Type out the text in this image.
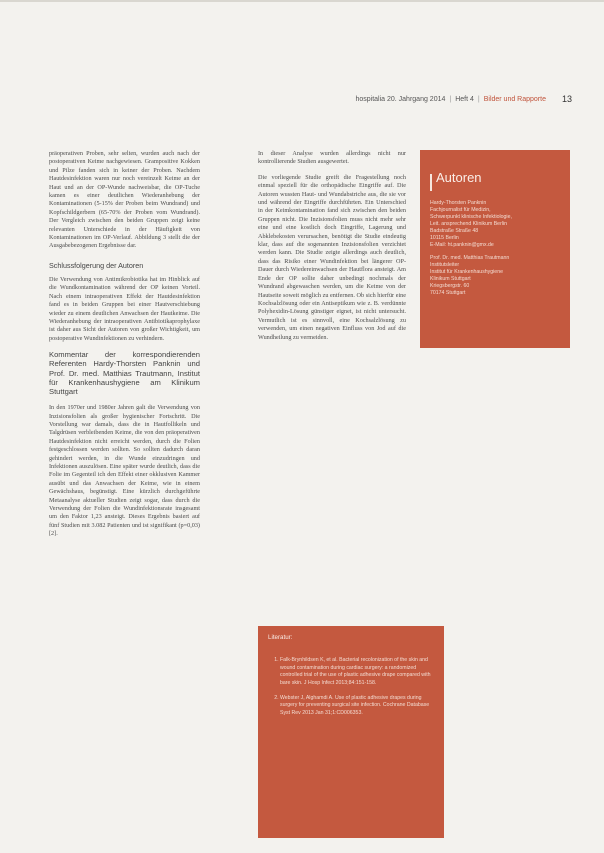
hospitalia 20. Jahrgang 2014 | Heft 4 | Bilder und Rapporte 13

präoperativen Proben, sehr selten, wurden auch nach der postoperativen Keime nachgewiesen. Grampositive Kokken und Pilze fanden sich in keiner der Proben. Nachdem Hautdesinfektion waren nur noch vereinzelt Keime an der Haut und an der OP-Wunde nachweisbar, die OP-Tuche kamen es einer deutlichen Wiederanhebung der Kontaminationen (5-15% der Proben beim Wundrand) und Kopfschildgerbern (65-70% der Proben vom Wundrand). Der Vergleich zwischen den beiden Gruppen zeigt keine relevanten Unterschiede in der Häufigkeit von Kontaminationen im OP-Verlauf. Abbildung 3 stellt die der Ausgabebezogenen Ergebnisse dar.

Schlussfolgerung der Autoren

Die Verwendung von Antimikrobiotika hat im Hinblick auf die Wundkontamination während der OP keinen Vorteil. Nach einem intraoperativen Effekt der Hautdesinfektion fand es in beiden Gruppen bei einer Hautverschiebung wieder zu einem deutlichen Anwachsen der Hautkeime. Die Wiederanhebung der intraoperativen Antibiotikaprophylaxe ist daher aus Sicht der Autoren von großer Wichtigkeit, um postoperative Wundinfektionen zu verhindern.

Kommentar der korrespondierenden Referenten Hardy-Thorsten Panknin und Prof. Dr. med. Matthias Trautmann, Institut für Krankenhaushygiene am Klinikum Stuttgart

In den 1970er und 1980er Jahren galt die Verwendung von Inzisionsfolien als großer hygienischer Fortschritt. Die Vorstellung war damals, dass die in Hautfollikeln und Talgdrüsen verbleibenden Keime, die von den präoperativen Hautdesinfektion nicht erreicht werden, durch die Folien festgeschlossen werden sollten. So sollten dadurch daran gehindert werden, in die Wunde einzudringen und Infektionen auszulösen. Eine später wurde deutlich, dass die Folie im Gegenteil ich den Effekt einer okklusiven Kammer ausübt und das Anwachsen der Keime, wie in einem Gewächshaus, begünstigt. Eine kürzlich durchgeführte Metaanalyse aktueller Studien zeigt sogar, dass durch die Verwendung der Folien die Wundinfektionsrate insgesamt um den Faktor 1,23 ansteigt. Dieses Ergebnis basiert auf fünf Studien mit 3.082 Patienten und ist signifikant (p=0,03) [2].

In dieser Analyse wurden allerdings nicht nur kontrollierende Studien ausgewertet.

Die vorliegende Studie greift die Fragestellung noch einmal speziell für die orthopädische Eingriffe auf. Die Autoren wussten Haut- und Wundabstriche aus, die sie vor und während der Eingriffe durchführten. Ein Unterschied in der Keimkontamination fand sich zwischen den beiden Gruppen nicht. Die Inzisionsfolien muss nicht mehr sehr eine und eine kostlich doch Eingriffe, Lagerung und Abklebekosten verursachen, benötigt die Studie eindeutig klar, dass auf die sogenannten Inzisionsfolien verzichtet werden kann. Die Studie zeigte allerdings auch deutlich, dass das Risiko einer Wundinfektion bei längerer OP-Dauer durch Wiedereinwachsen der Hautflora ansteigt. Am Ende der OP sollte daher unbedingt nochmals der Wundrand abgewaschen werden, um die Keime von der Hautseite soweit möglich zu entfernen. Ob sich hierfür eine Kochsalzlösung oder ein Antiseptikum wie z. B. verdünnte Polyhexidin-Lösung günstiger eignet, ist nicht untersucht. Vermutlich ist es sinnvoll, eine Kochsalzlösung zu verwenden, um einen negativen Einfluss von Jod auf die Wundheilung zu vermeiden.

Autoren
Hardy-Thorsten Panknin
Fachjournalist für Medizin,
Schwerpunkt klinische Infektiologie,
Leit. ansprechend Klinikum Berlin
Badstraße Straße 48
10115 Berlin
E-Mail: ht.panknin@gmx.de
Prof. Dr. med. Matthias Trautmann
Institutsleiter
Institut für Krankenhaushygiene
Klinikum Stuttgart
Kriegsbergstr. 60
70174 Stuttgart
Literatur:
1. Falk-Brynhildsen K, et al. Bacterial recolonization of the skin and wound contamination during cardiac surgery: a randomized controlled trial of the use of plastic adhesive drape compared with bare skin. J Hosp Infect 2013;84:151-158.
2. Webster J, Alghamdi A. Use of plastic adhesive drapes during surgery for preventing surgical site infection. Cochrane Database Syst Rev 2013 Jan 31;1:CD006353.
